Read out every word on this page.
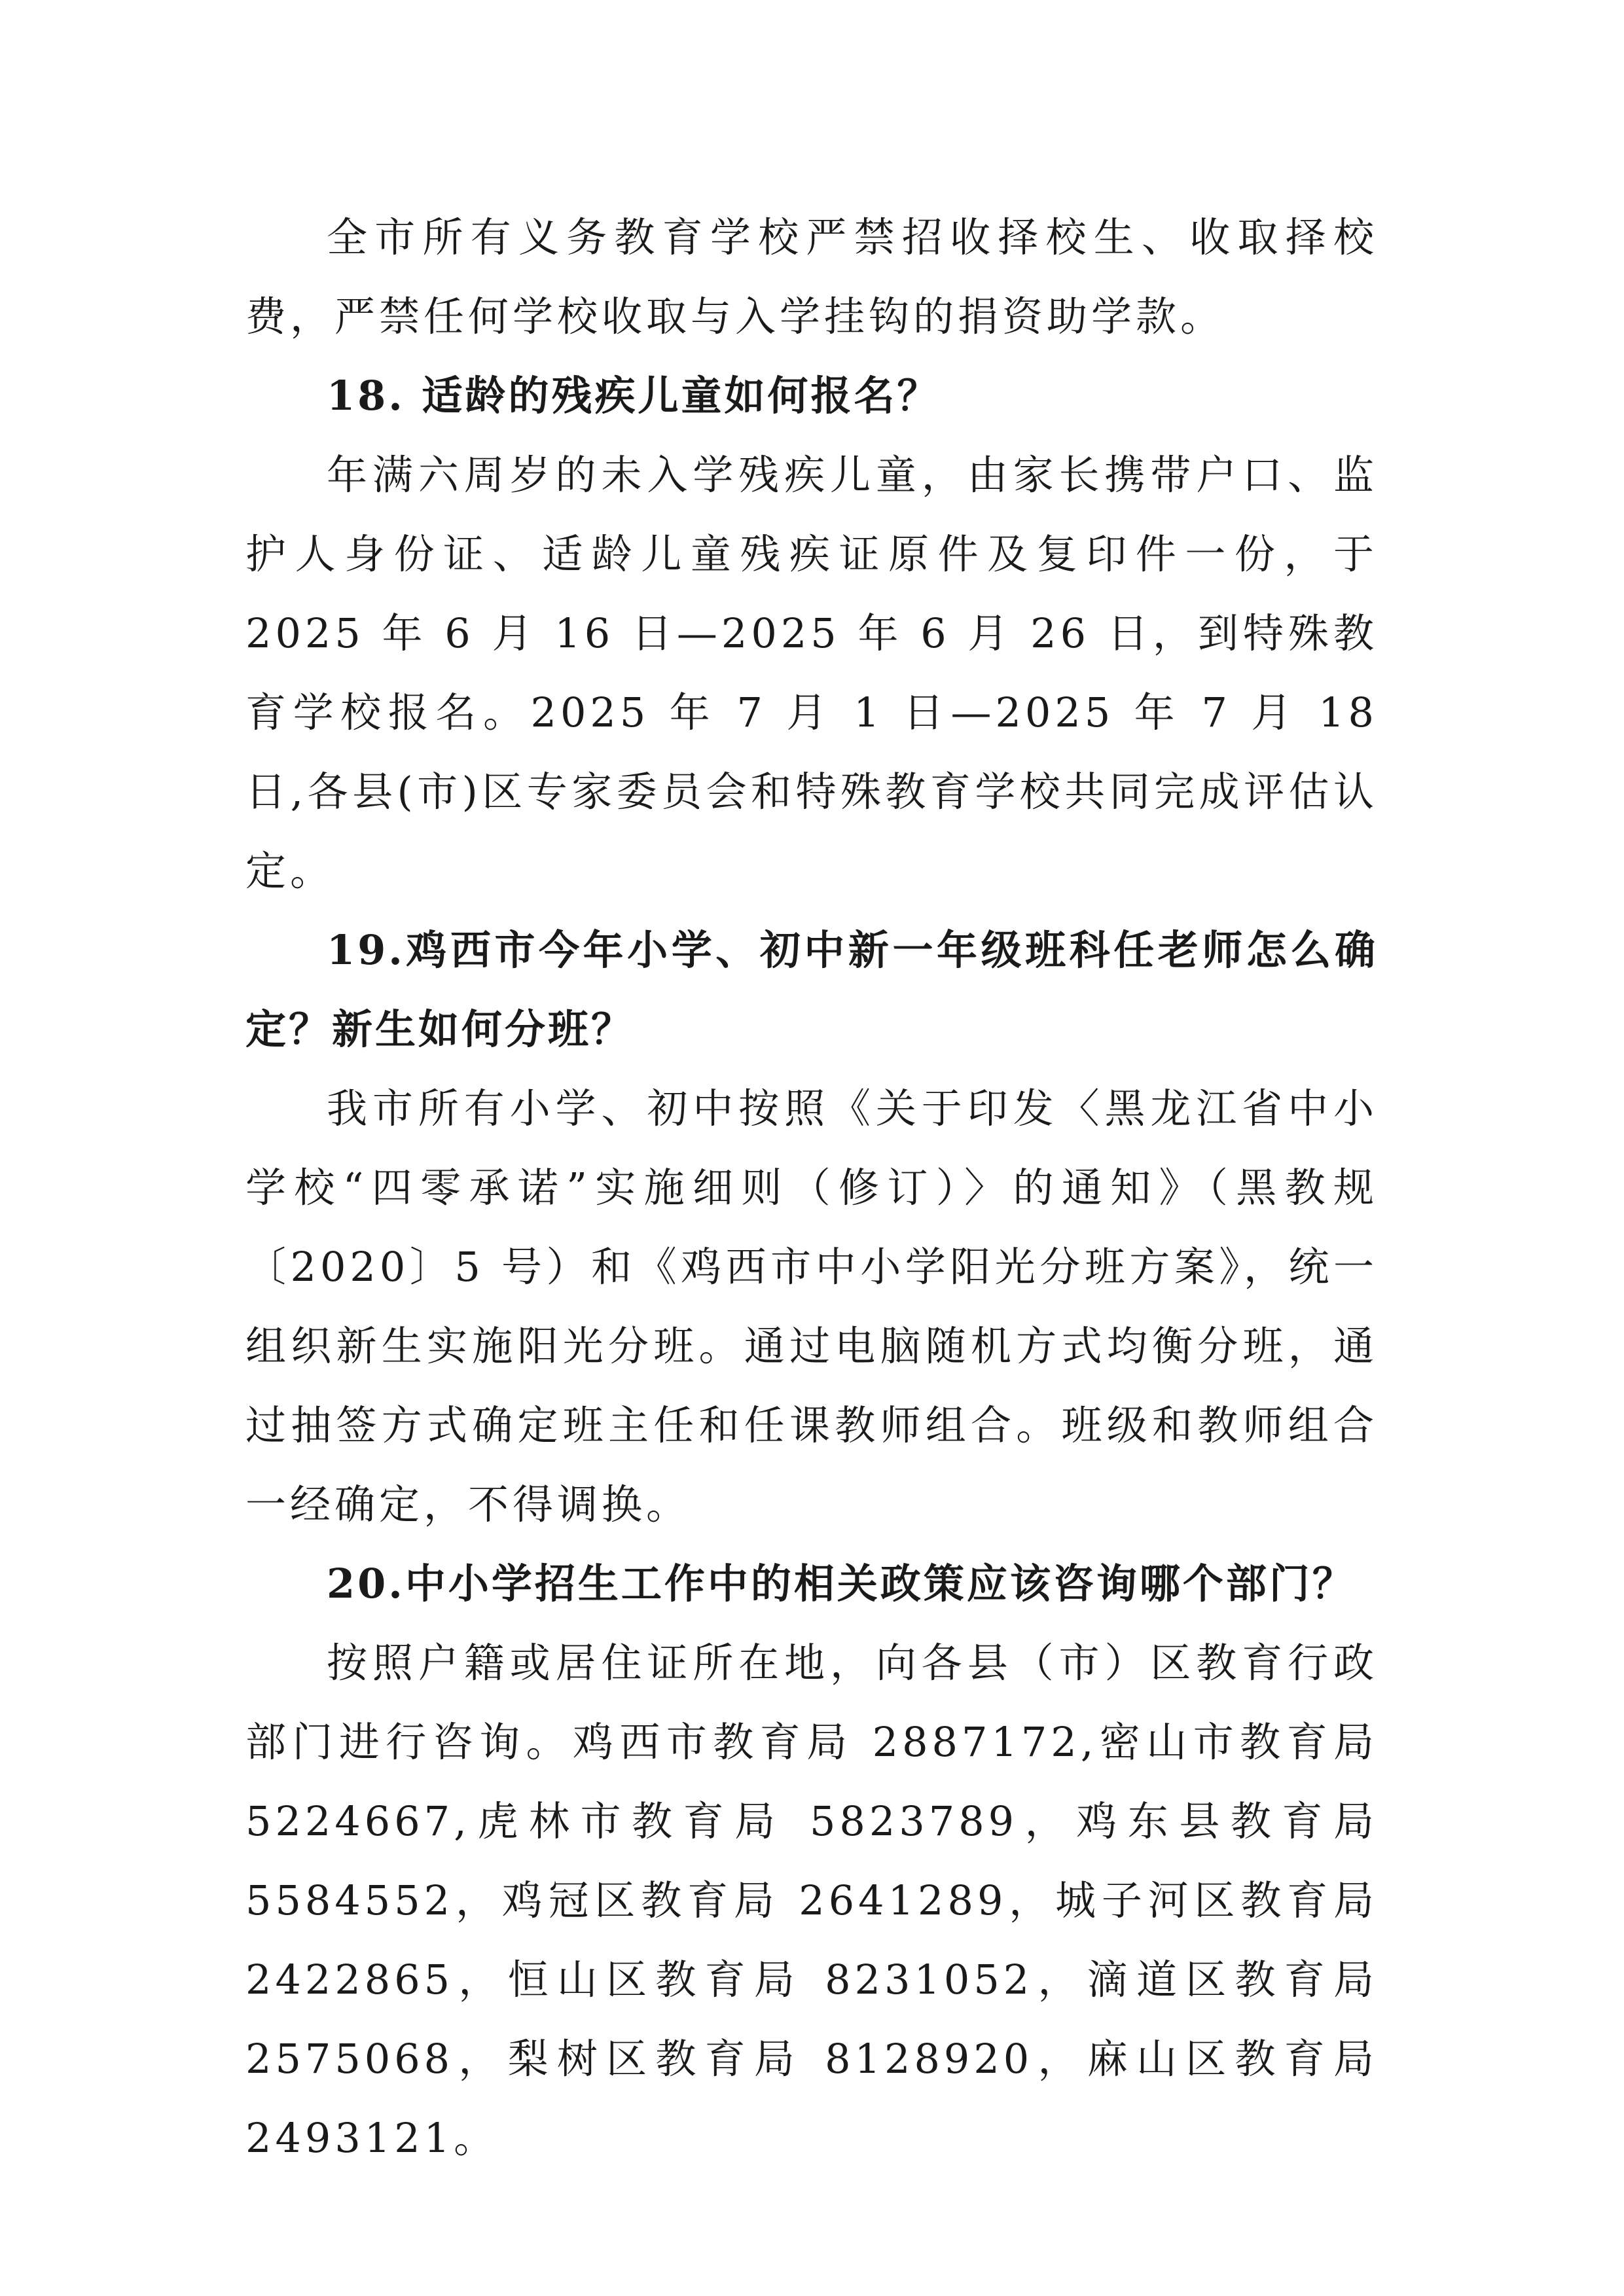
全市所有义务教育学校严禁招收择校生、收取择校费，严禁任何学校收取与入学挂钩的捐资助学款。

18. 适龄的残疾儿童如何报名？

年满六周岁的未入学残疾儿童，由家长携带户口、监护人身份证、适龄儿童残疾证原件及复印件一份，于 2025 年 6 月 16 日—2025 年 6 月 26 日，到特殊教育学校报名。2025 年 7 月 1 日—2025 年 7 月 18 日,各县(市)区专家委员会和特殊教育学校共同完成评估认定。

19.鸡西市今年小学、初中新一年级班科任老师怎么确定？新生如何分班？

我市所有小学、初中按照《关于印发〈黑龙江省中小学校“四零承诺”实施细则（修订）〉的通知》（黑教规〔2020〕5 号）和《鸡西市中小学阳光分班方案》，统一组织新生实施阳光分班。通过电脑随机方式均衡分班，通过抽签方式确定班主任和任课教师组合。班级和教师组合一经确定，不得调换。

20.中小学招生工作中的相关政策应该咨询哪个部门？

按照户籍或居住证所在地，向各县（市）区教育行政部门进行咨询。鸡西市教育局 2887172,密山市教育局 5224667,虎林市教育局 5823789，鸡东县教育局 5584552，鸡冠区教育局 2641289，城子河区教育局 2422865，恒山区教育局 8231052，滴道区教育局 2575068，梨树区教育局 8128920，麻山区教育局 2493121。
